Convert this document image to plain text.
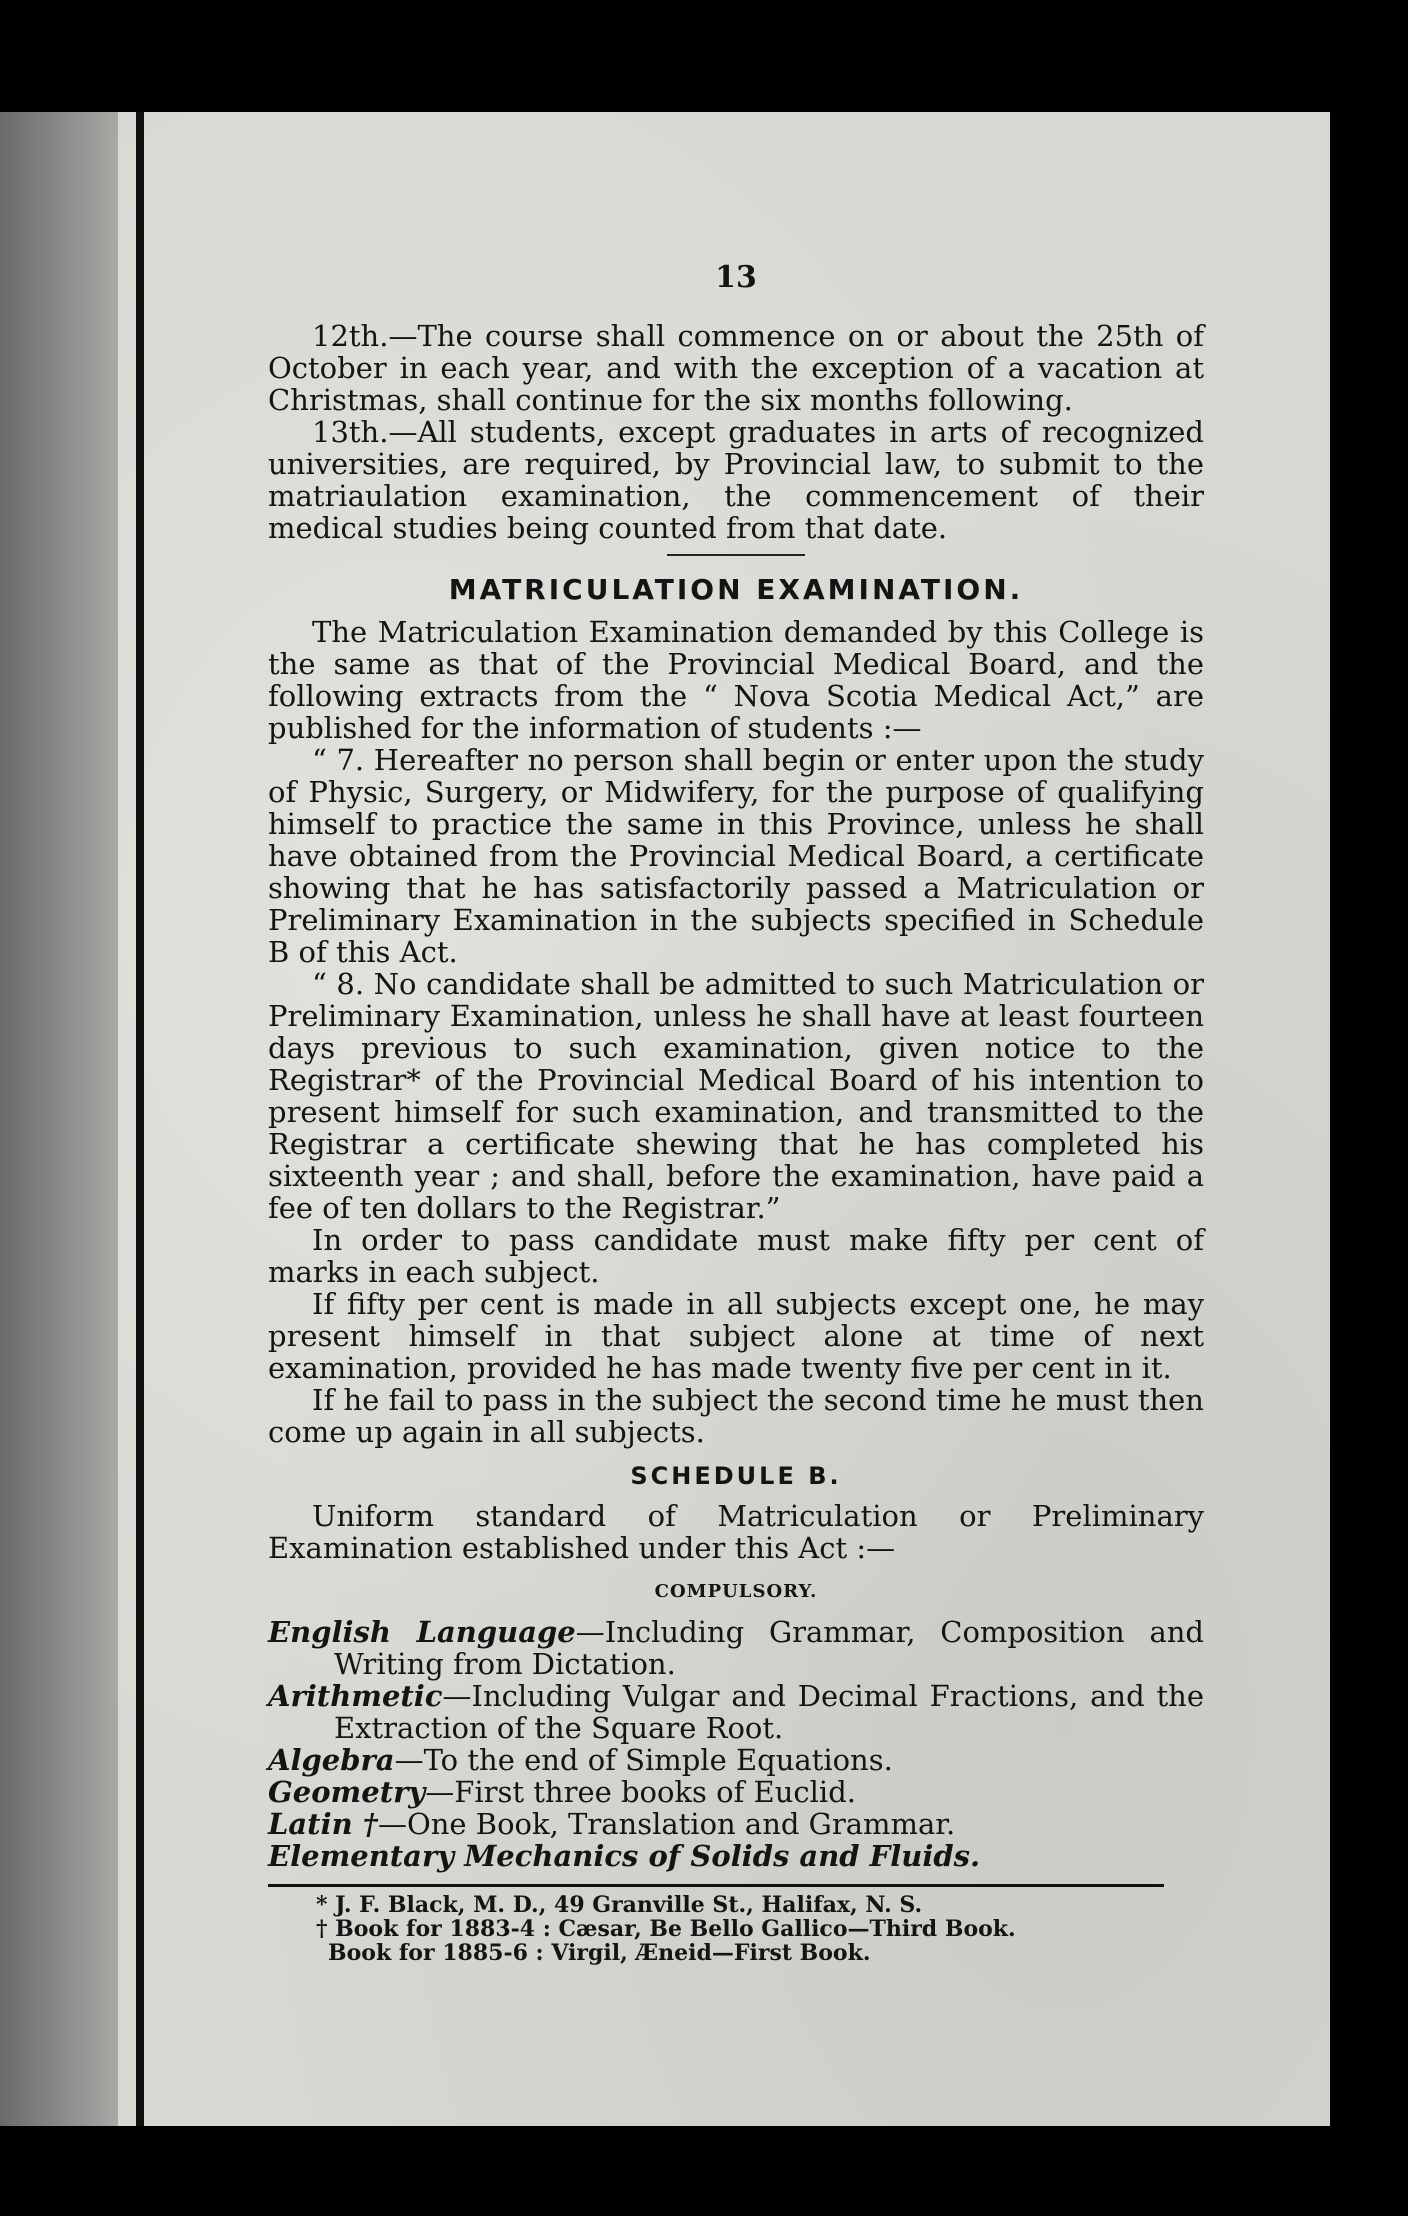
13

12th.—The course shall commence on or about the 25th of October in each year, and with the exception of a vacation at Christmas, shall continue for the six months following.

13th.—All students, except graduates in arts of recognized universities, are required, by Provincial law, to submit to the matriaulation examination, the commencement of their medical studies being counted from that date.

MATRICULATION EXAMINATION.

The Matriculation Examination demanded by this College is the same as that of the Provincial Medical Board, and the following extracts from the “ Nova Scotia Medical Act,” are published for the information of students :—

“ 7. Hereafter no person shall begin or enter upon the study of Physic, Surgery, or Midwifery, for the purpose of qualifying himself to practice the same in this Province, unless he shall have obtained from the Provincial Medical Board, a certificate showing that he has satisfactorily passed a Matriculation or Preliminary Examination in the subjects specified in Schedule B of this Act.

“ 8. No candidate shall be admitted to such Matriculation or Preliminary Examination, unless he shall have at least fourteen days previous to such examination, given notice to the Registrar* of the Provincial Medical Board of his intention to present himself for such examination, and transmitted to the Registrar a certificate shewing that he has completed his sixteenth year ; and shall, before the examination, have paid a fee of ten dollars to the Registrar.”

In order to pass candidate must make fifty per cent of marks in each subject.

If fifty per cent is made in all subjects except one, he may present himself in that subject alone at time of next examination, provided he has made twenty five per cent in it.

If he fail to pass in the subject the second time he must then come up again in all subjects.

SCHEDULE B.

Uniform standard of Matriculation or Preliminary Examination established under this Act :—

COMPULSORY.

English Language—Including Grammar, Composition and Writing from Dictation.

Arithmetic—Including Vulgar and Decimal Fractions, and the Extraction of the Square Root.

Algebra—To the end of Simple Equations.

Geometry—First three books of Euclid.

Latin †—One Book, Translation and Grammar.

Elementary Mechanics of Solids and Fluids.

* J. F. Black, M. D., 49 Granville St., Halifax, N. S.

† Book for 1883-4 : Cæsar, Be Bello Gallico—Third Book.

Book for 1885-6 : Virgil, Æneid—First Book.
